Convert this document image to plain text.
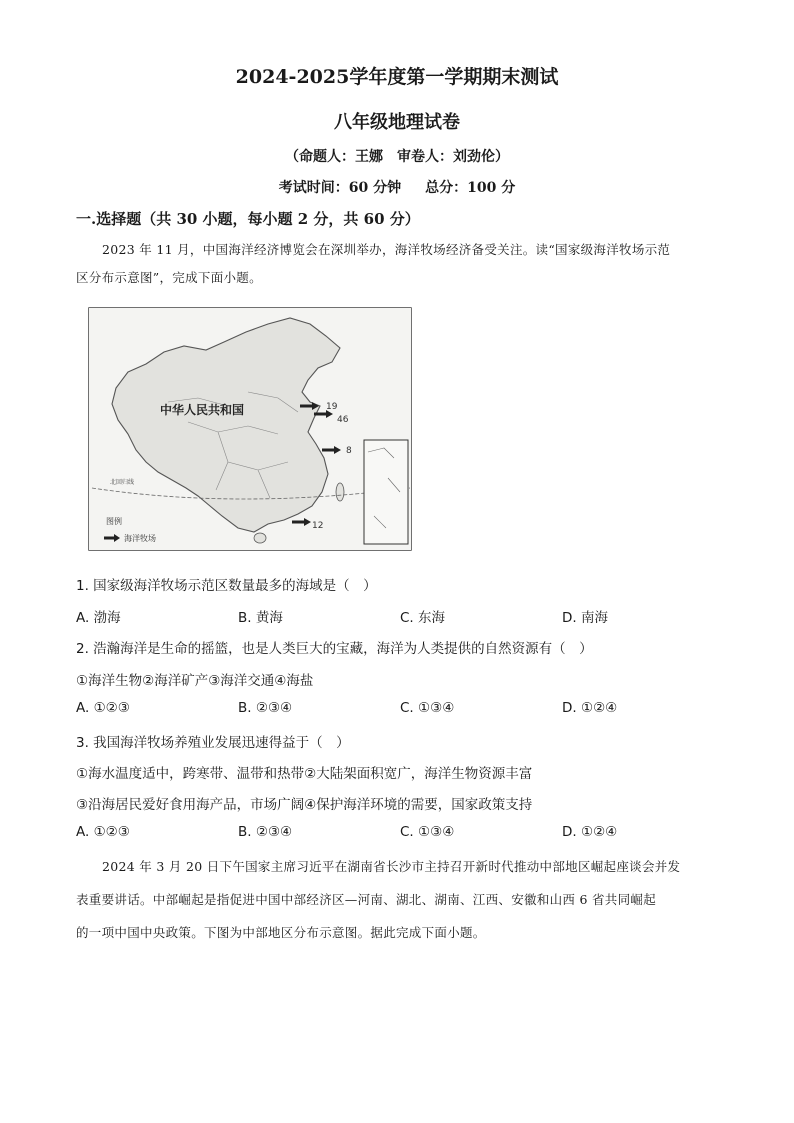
2024-2025学年度第一学期期末测试
八年级地理试卷
（命题人：王娜　审卷人：刘劲伦）
考试时间：60 分钟 总分：100 分
一.选择题（共 30 小题，每小题 2 分，共 60 分）
2023 年 11 月，中国海洋经济博览会在深圳举办，海洋牧场经济备受关注。读“国家级海洋牧场示范
区分布示意图”，完成下面小题。
北回归线
中华人民共和国	19
46
8
12
图例
海洋牧场
1. 国家级海洋牧场示范区数量最多的海域是（　）
A. 渤海	B. 黄海	C. 东海	D. 南海
2. 浩瀚海洋是生命的摇篮，也是人类巨大的宝藏，海洋为人类提供的自然资源有（　）
①海洋生物②海洋矿产③海洋交通④海盐
A. ①②③	B. ②③④	C. ①③④	D. ①②④
3. 我国海洋牧场养殖业发展迅速得益于（　）
①海水温度适中，跨寒带、温带和热带②大陆架面积宽广，海洋生物资源丰富
③沿海居民爱好食用海产品，市场广阔④保护海洋环境的需要，国家政策支持
A. ①②③	B. ②③④	C. ①③④	D. ①②④
2024 年 3 月 20 日下午国家主席习近平在湖南省长沙市主持召开新时代推动中部地区崛起座谈会并发
表重要讲话。中部崛起是指促进中国中部经济区—河南、湖北、湖南、江西、安徽和山西 6 省共同崛起
的一项中国中央政策。下图为中部地区分布示意图。据此完成下面小题。
